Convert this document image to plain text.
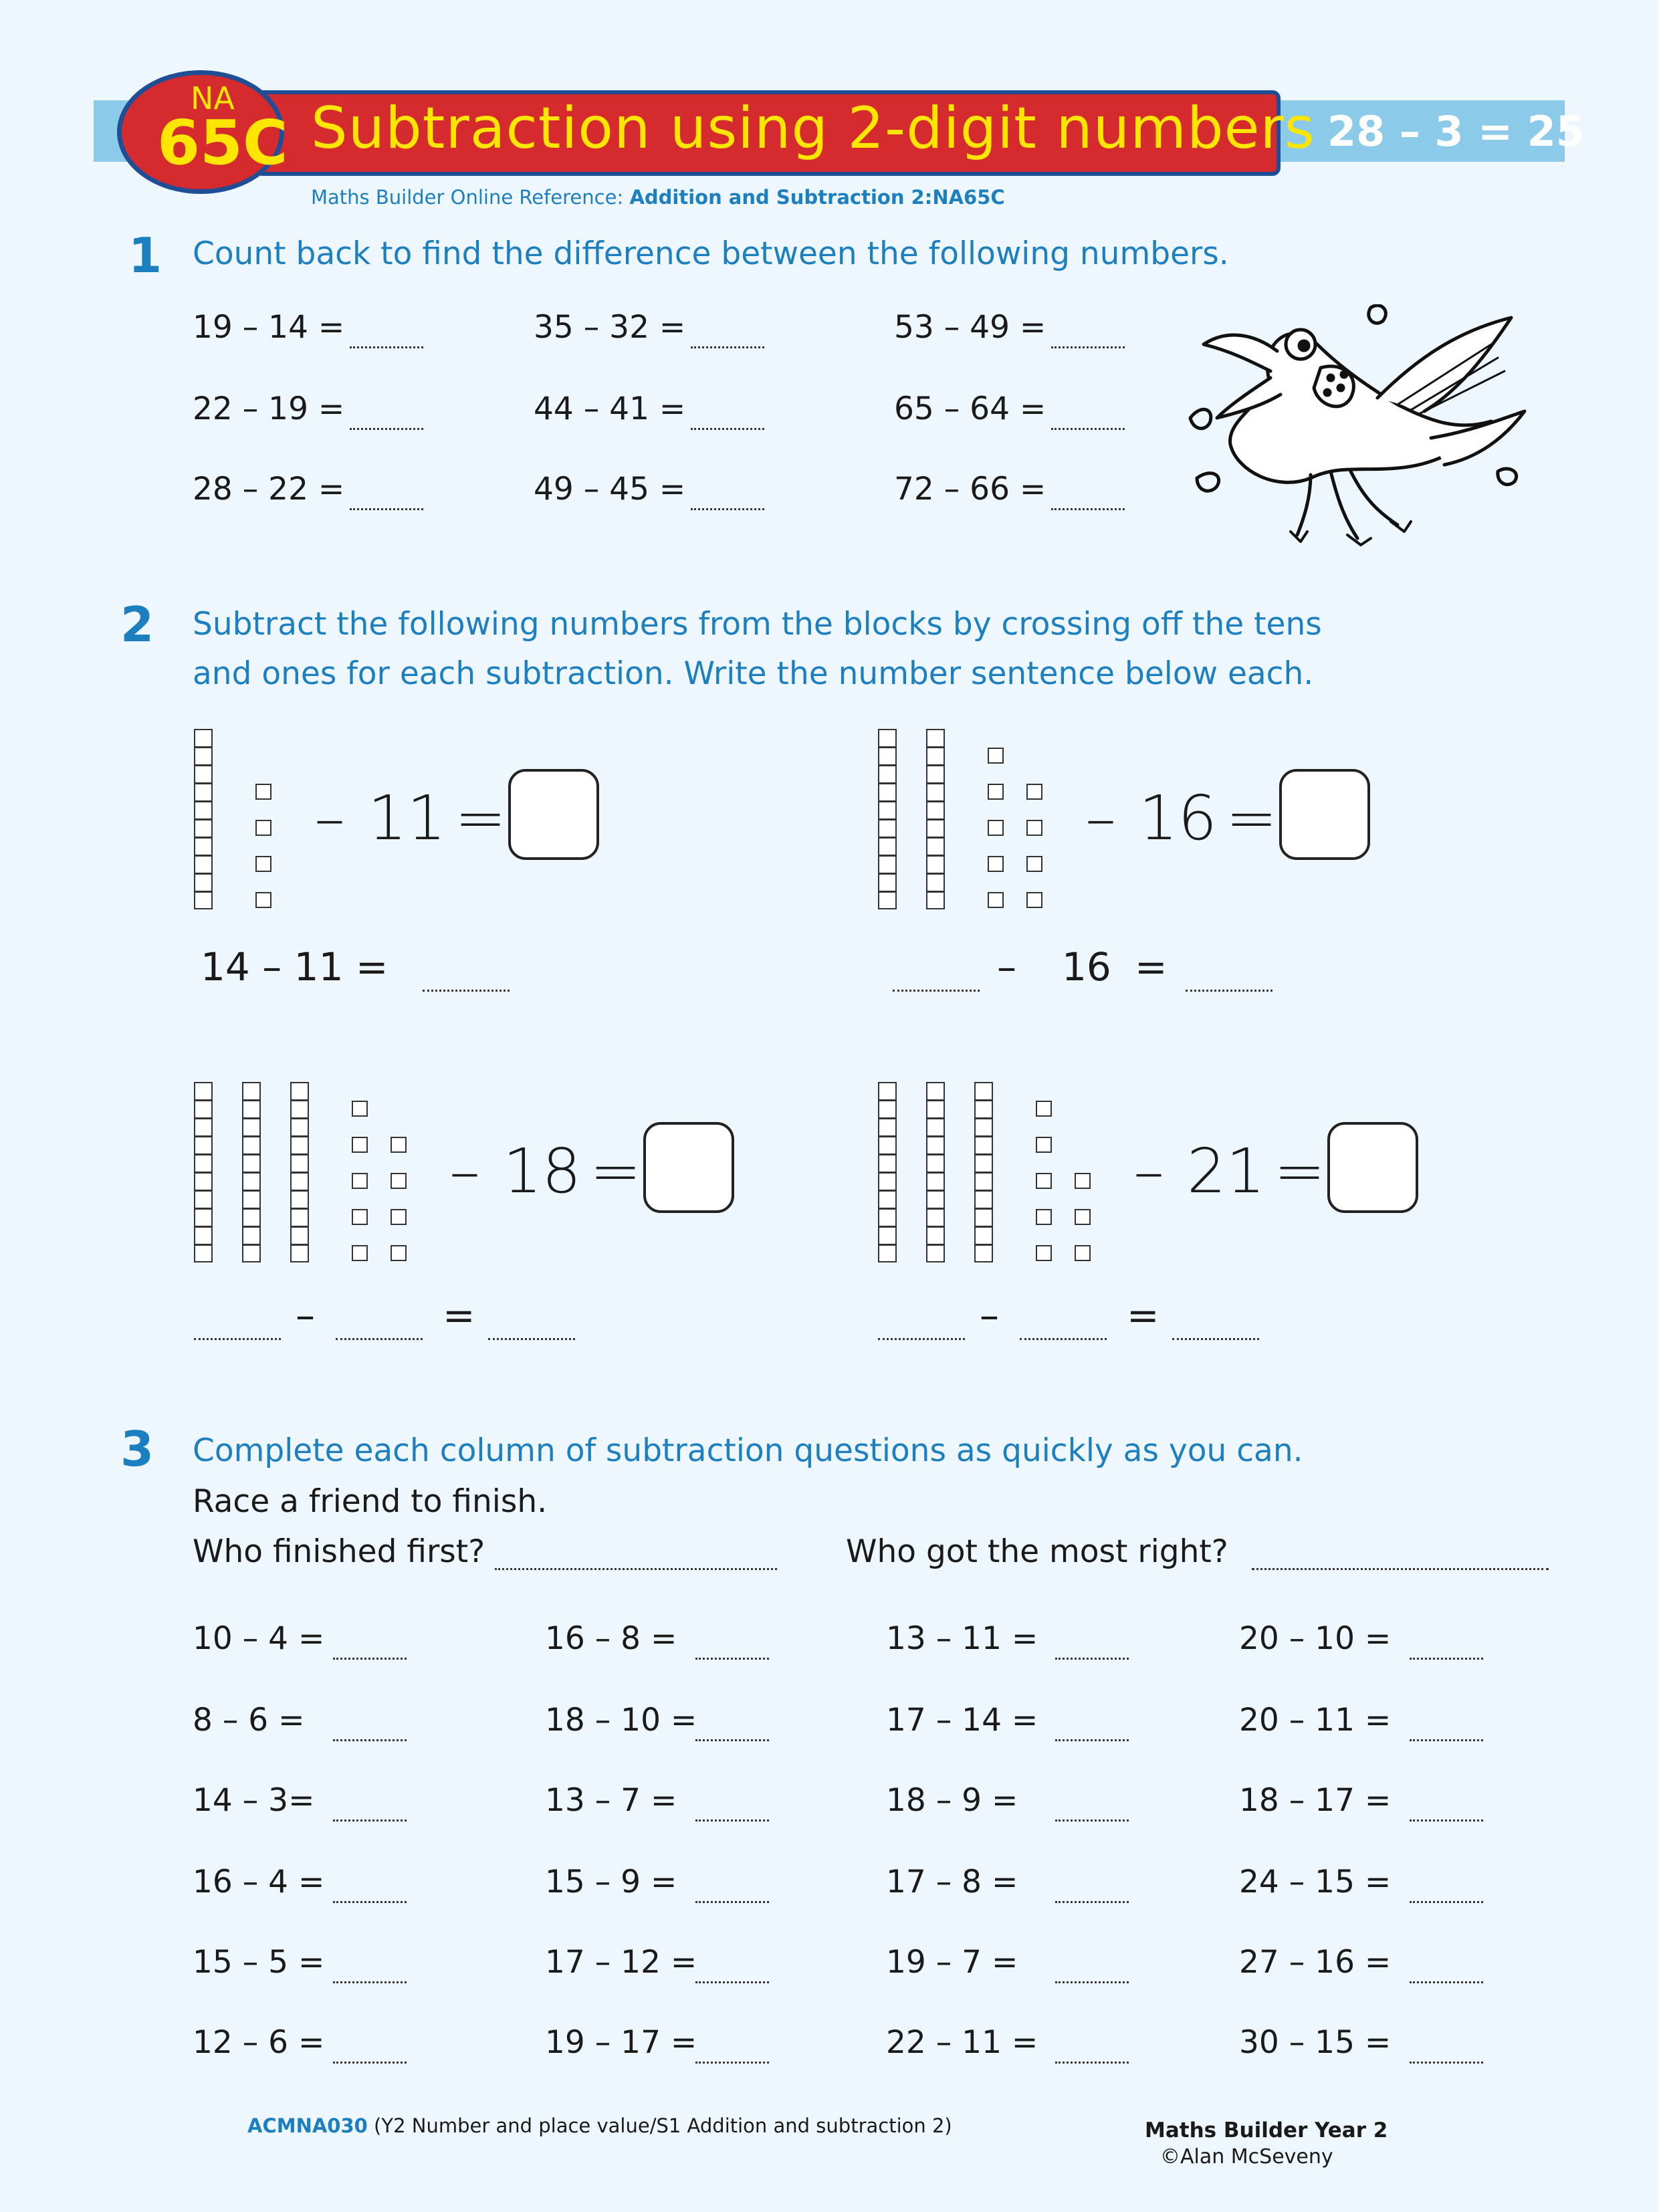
Subtraction using 2-digit numbers
NA
65C	28 – 3 = 25
Maths Builder Online Reference: Addition and Subtraction 2:NA65C
1 Count back to find the difference between the following numbers.
19 – 14 =
22 – 19 =
28 – 22 =
35 – 32 =
44 – 41 =
49 – 45 =
53 – 49 =
65 – 64 =
72 – 66 =
2 Subtract the following numbers from the blocks by crossing off the tens
and ones for each subtraction. Write the number sentence below each.
– 11 =
14 – 11 =
– 16 =
– 16 =
– 18 =
–	=
– 21 =
–	=
3 Complete each column of subtraction questions as quickly as you can.
Race a friend to finish.
Who finished first?	Who got the most right?
10 – 4 =
8 – 6 =
14 – 3=
16 – 4 =
15 – 5 =
12 – 6 =
16 – 8 =
18 – 10 =
13 – 7 =
15 – 9 =
17 – 12 =
19 – 17 =
13 – 11 =
17 – 14 =
18 – 9 =
17 – 8 =
19 – 7 =
22 – 11 =
20 – 10 =
20 – 11 =
18 – 17 =
24 – 15 =
27 – 16 =
30 – 15 =
ACMNA030 (Y2 Number and place value/S1 Addition and subtraction 2)	Maths Builder Year 2
©Alan McSeveny
